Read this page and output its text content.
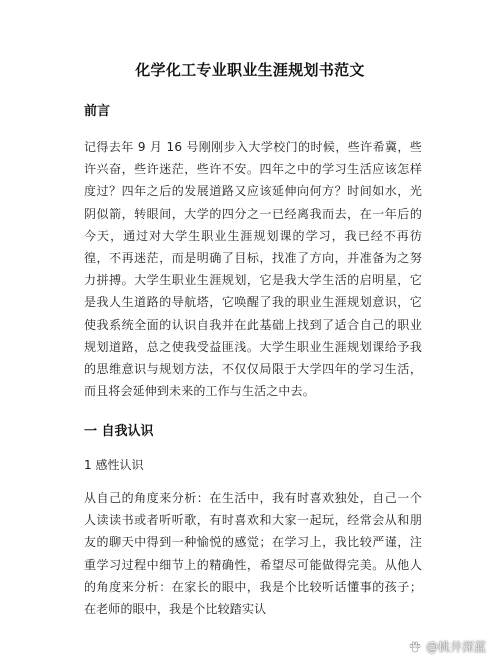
化学化工专业职业生涯规划书范文
前言

记得去年 9 月 16 号刚刚步入大学校门的时候，些许希冀，些许兴奋，些许迷茫，些许不安。四年之中的学习生活应该怎样度过？四年之后的发展道路又应该延伸向何方？时间如水，光阴似箭，转眼间，大学的四分之一已经离我而去，在一年后的今天，通过对大学生职业生涯规划课的学习，我已经不再彷徨，不再迷茫，而是明确了目标，找准了方向，并准备为之努力拼搏。大学生职业生涯规划，它是我大学生活的启明星，它是我人生道路的导航塔，它唤醒了我的职业生涯规划意识，它使我系统全面的认识自我并在此基础上找到了适合自己的职业规划道路，总之使我受益匪浅。大学生职业生涯规划课给予我的思维意识与规划方法，不仅仅局限于大学四年的学习生活，而且将会延伸到未来的工作与生活之中去。

一 自我认识
1 感性认识

从自己的角度来分析：在生活中，我有时喜欢独处，自己一个人读读书或者听听歌，有时喜欢和大家一起玩，经常会从和朋友的聊天中得到一种愉悦的感觉；在学习上，我比较严谨，注重学习过程中细节上的精确性，希望尽可能做得完美。从他人的角度来分析：在家长的眼中，我是个比较听话懂事的孩子；在老师的眼中，我是个比较踏实认

@桃井深蓝
